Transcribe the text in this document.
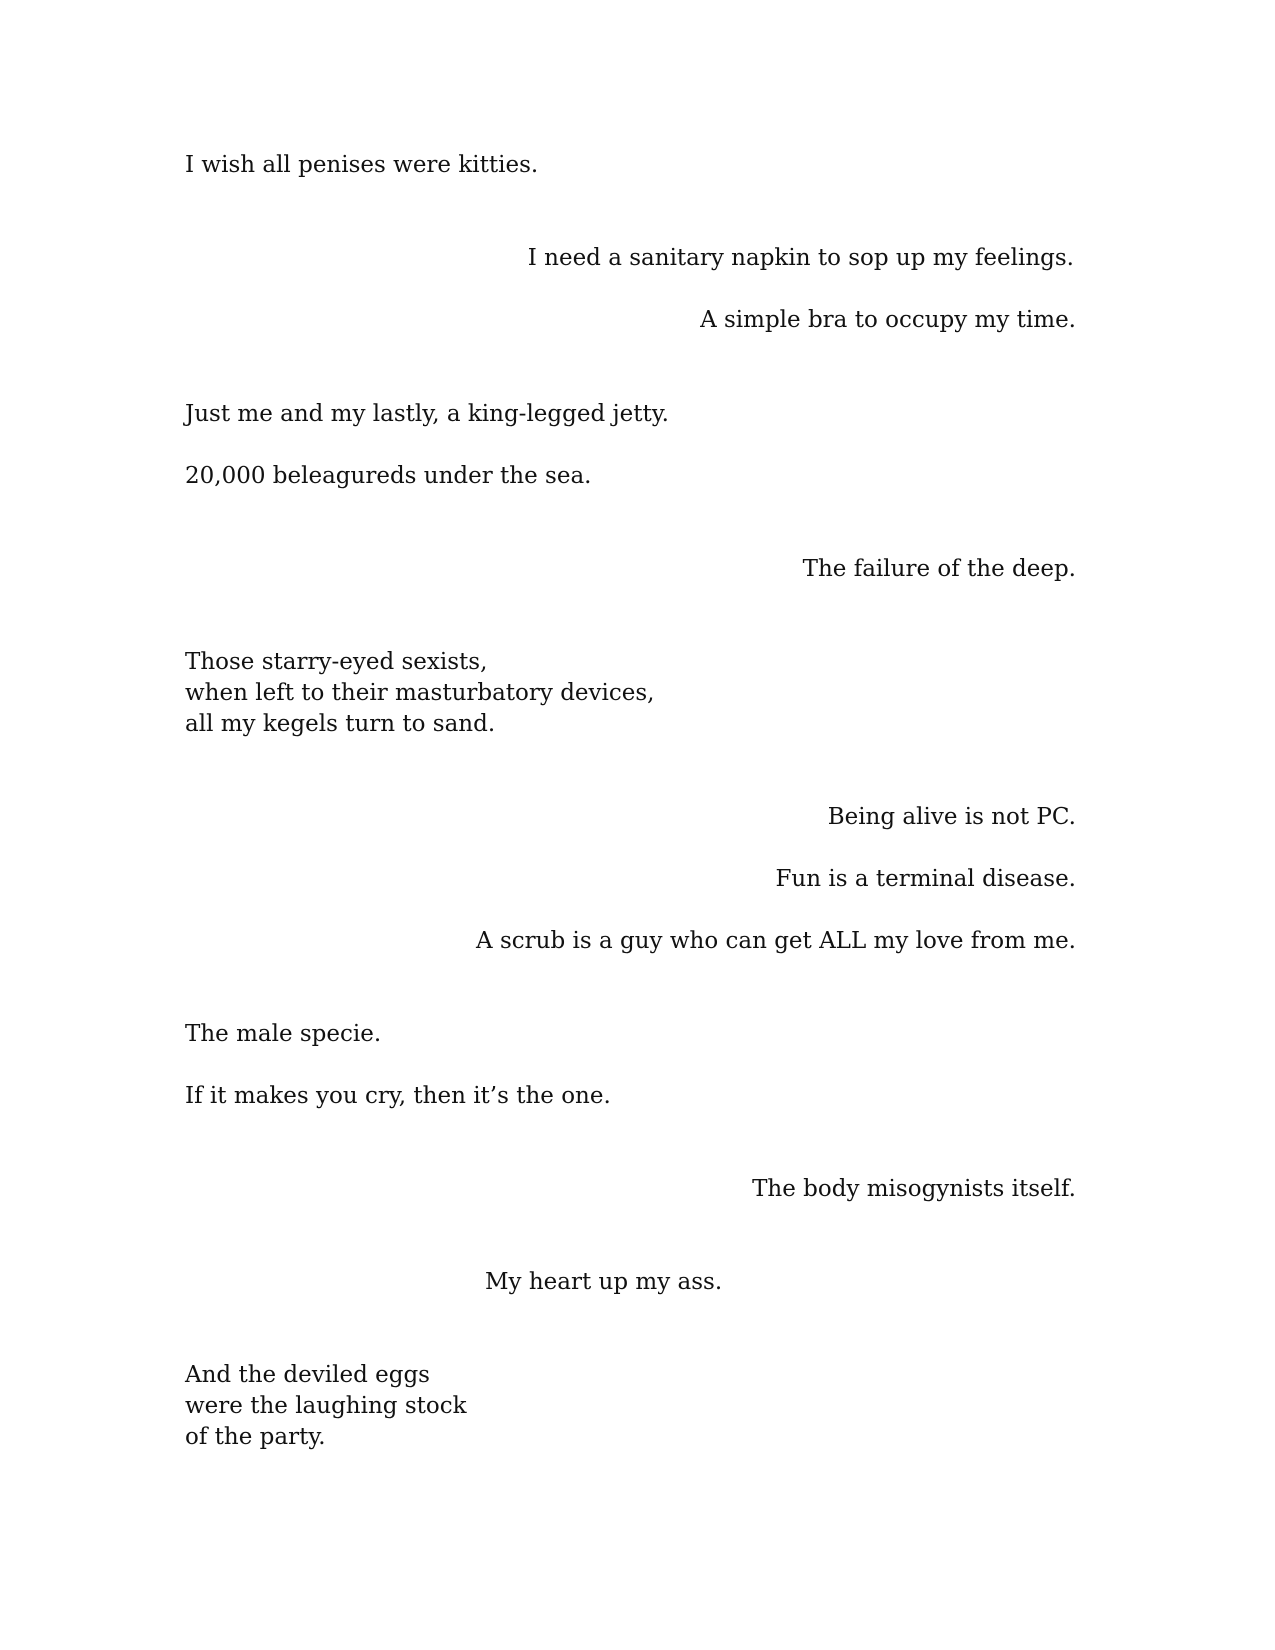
I wish all penises were kitties.

I need a sanitary napkin to sop up my feelings.

A simple bra to occupy my time.

Just me and my lastly, a king-legged jetty.

20,000 beleagureds under the sea.

The failure of the deep.

Those starry-eyed sexists,

when left to their masturbatory devices,

all my kegels turn to sand.

Being alive is not PC.

Fun is a terminal disease.

A scrub is a guy who can get ALL my love from me.

The male specie.

If it makes you cry, then it’s the one.

The body misogynists itself.

My heart up my ass.

And the deviled eggs

were the laughing stock

of the party.
